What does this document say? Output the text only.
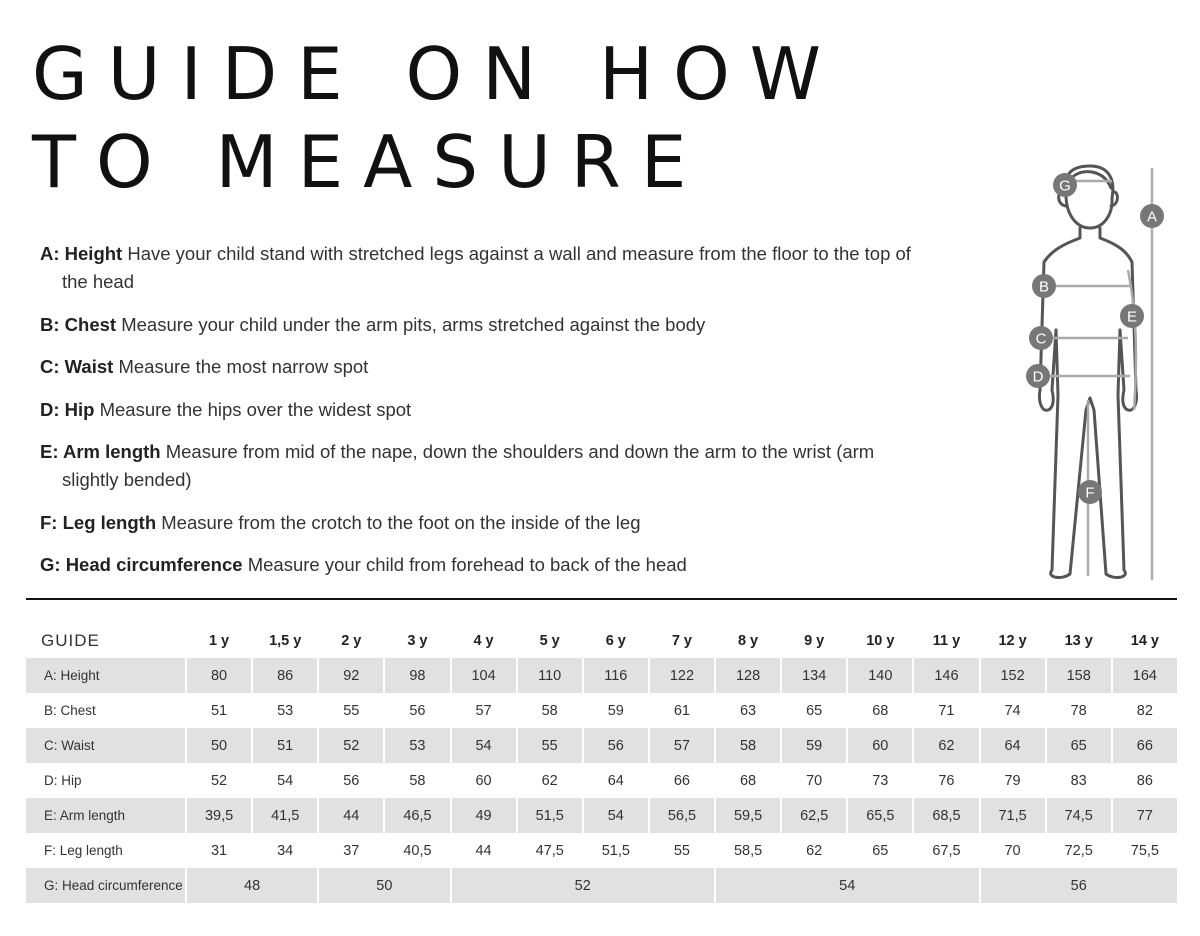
GUIDE ON HOW
TO MEASURE
A: Height Have your child stand with stretched legs against a wall and measure from the floor to the top of the head
B: Chest Measure your child under the arm pits, arms stretched against the body
C: Waist Measure the most narrow spot
D: Hip Measure the hips over the widest spot
E: Arm length Measure from mid of the nape, down the shoulders and down the arm to the wrist (arm slightly bended)
F: Leg length Measure from the crotch to the foot on the inside of the leg
G: Head circumference Measure your child from forehead to back of the head
G
A
B
E
C
D
F
GUIDE	1 y	1,5 y	2 y	3 y	4 y	5 y	6 y	7 y	8 y	9 y	10 y	11 y	12 y	13 y	14 y
A: Height	80	86	92	98	104	110	116	122	128	134	140	146	152	158	164
B: Chest	51	53	55	56	57	58	59	61	63	65	68	71	74	78	82
C: Waist	50	51	52	53	54	55	56	57	58	59	60	62	64	65	66
D: Hip	52	54	56	58	60	62	64	66	68	70	73	76	79	83	86
E: Arm length	39,5	41,5	44	46,5	49	51,5	54	56,5	59,5	62,5	65,5	68,5	71,5	74,5	77
F: Leg length	31	34	37	40,5	44	47,5	51,5	55	58,5	62	65	67,5	70	72,5	75,5
G: Head circumference	48		50		52				54				56		
